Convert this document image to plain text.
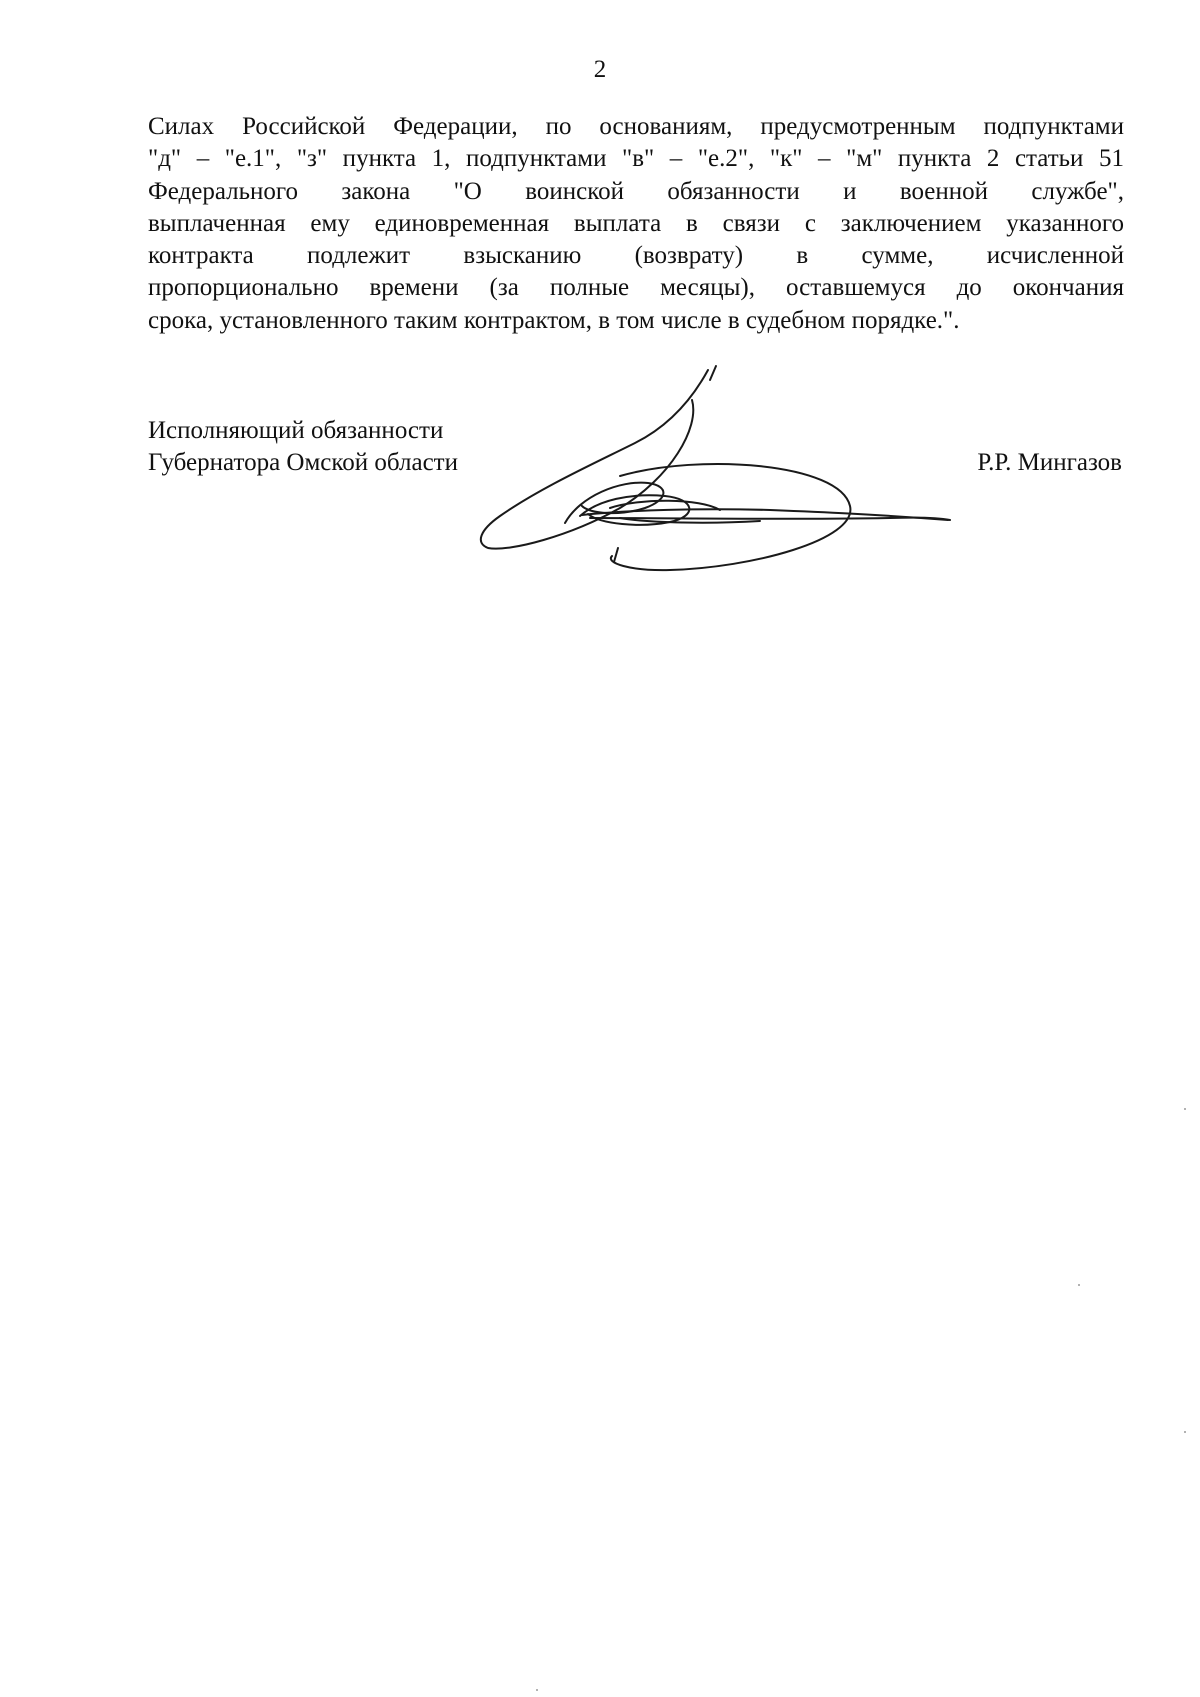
2
Силах Российской Федерации, по основаниям, предусмотренным подпунктами
"д" – "е.1", "з" пункта 1, подпунктами "в" – "е.2", "к" – "м" пункта 2 статьи 51
Федерального закона "О воинской обязанности и военной службе",
выплаченная ему единовременная выплата в связи с заключением указанного
контракта подлежит взысканию (возврату) в сумме, исчисленной
пропорционально времени (за полные месяцы), оставшемуся до окончания
срока, установленного таким контрактом, в том числе в судебном порядке.".
Исполняющий обязанности
Губернатора Омской области	Р.Р. Мингазов
